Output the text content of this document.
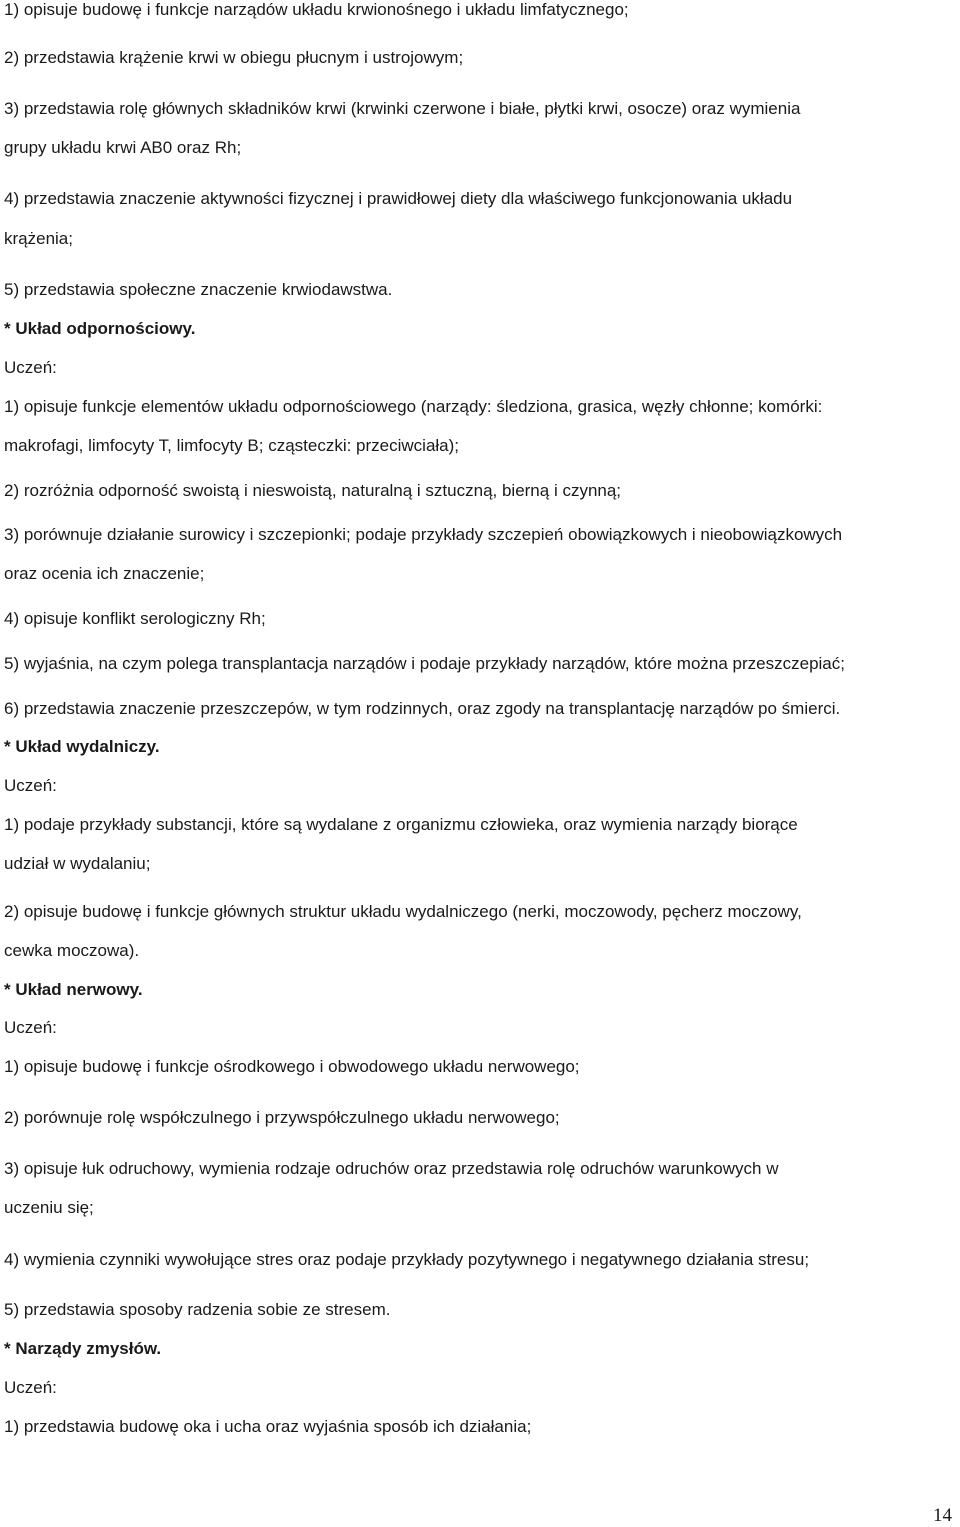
1) opisuje budowę i funkcje narządów układu krwionośnego i układu limfatycznego;
2) przedstawia krążenie krwi w obiegu płucnym i ustrojowym;
3) przedstawia rolę głównych składników krwi (krwinki czerwone i białe, płytki krwi, osocze) oraz wymienia
grupy układu krwi AB0 oraz Rh;
4) przedstawia znaczenie aktywności fizycznej i prawidłowej diety dla właściwego funkcjonowania układu
krążenia;
5) przedstawia społeczne znaczenie krwiodawstwa.
* Układ odpornościowy.
Uczeń:
1) opisuje funkcje elementów układu odpornościowego (narządy: śledziona, grasica, węzły chłonne; komórki:
makrofagi, limfocyty T, limfocyty B; cząsteczki: przeciwciała);
2) rozróżnia odporność swoistą i nieswoistą, naturalną i sztuczną, bierną i czynną;
3) porównuje działanie surowicy i szczepionki; podaje przykłady szczepień obowiązkowych i nieobowiązkowych
oraz ocenia ich znaczenie;
4) opisuje konflikt serologiczny Rh;
5) wyjaśnia, na czym polega transplantacja narządów i podaje przykłady narządów, które można przeszczepiać;
6) przedstawia znaczenie przeszczepów, w tym rodzinnych, oraz zgody na transplantację narządów po śmierci.
* Układ wydalniczy.
Uczeń:
1) podaje przykłady substancji, które są wydalane z organizmu człowieka, oraz wymienia narządy biorące
udział w wydalaniu;
2) opisuje budowę i funkcje głównych struktur układu wydalniczego (nerki, moczowody, pęcherz moczowy,
cewka moczowa).
* Układ nerwowy.
Uczeń:
1) opisuje budowę i funkcje ośrodkowego i obwodowego układu nerwowego;
2) porównuje rolę współczulnego i przywspółczulnego układu nerwowego;
3) opisuje łuk odruchowy, wymienia rodzaje odruchów oraz przedstawia rolę odruchów warunkowych w
uczeniu się;
4) wymienia czynniki wywołujące stres oraz podaje przykłady pozytywnego i negatywnego działania stresu;
5) przedstawia sposoby radzenia sobie ze stresem.
* Narządy zmysłów.
Uczeń:
1) przedstawia budowę oka i ucha oraz wyjaśnia sposób ich działania;
14
